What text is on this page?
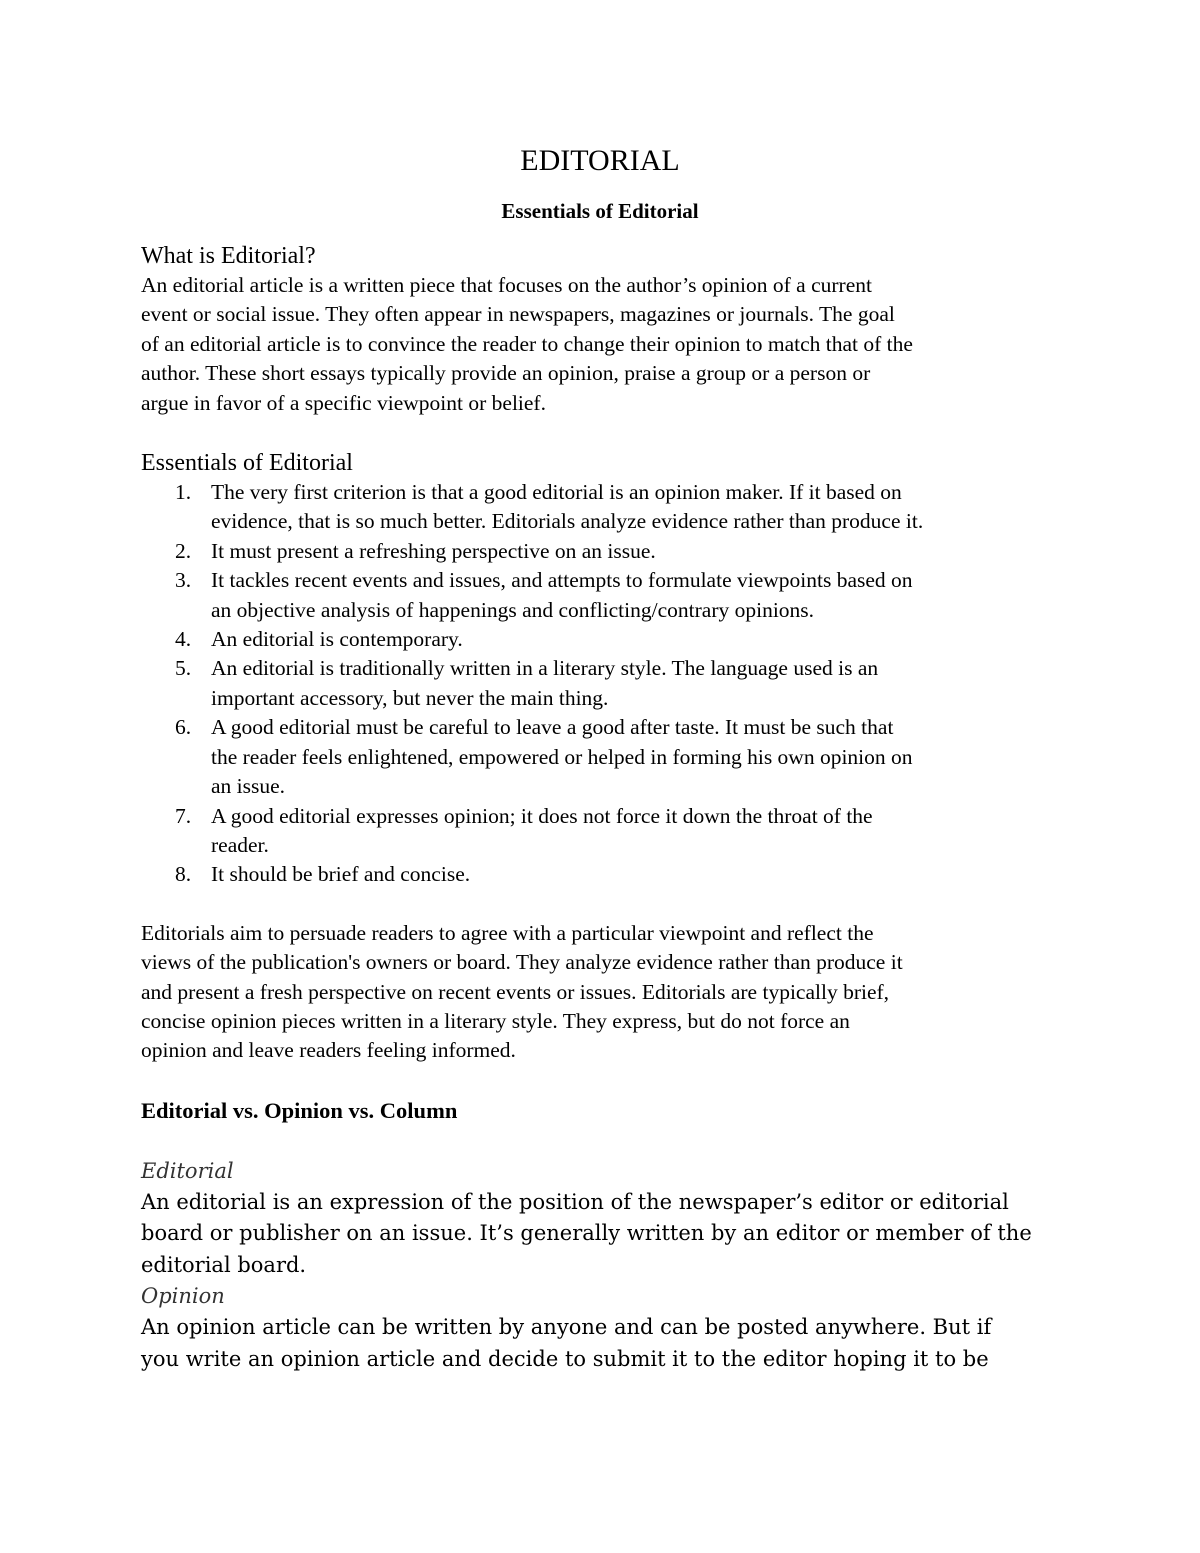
EDITORIAL
Essentials of Editorial
What is Editorial?
An editorial article is a written piece that focuses on the author’s opinion of a current
event or social issue. They often appear in newspapers, magazines or journals. The goal
of an editorial article is to convince the reader to change their opinion to match that of the
author. These short essays typically provide an opinion, praise a group or a person or
argue in favor of a specific viewpoint or belief.
Essentials of Editorial
1. The very first criterion is that a good editorial is an opinion maker. If it based on
evidence, that is so much better. Editorials analyze evidence rather than produce it.
2. It must present a refreshing perspective on an issue.
3. It tackles recent events and issues, and attempts to formulate viewpoints based on
an objective analysis of happenings and conflicting/contrary opinions.
4. An editorial is contemporary.
5. An editorial is traditionally written in a literary style. The language used is an
important accessory, but never the main thing.
6. A good editorial must be careful to leave a good after taste. It must be such that
the reader feels enlightened, empowered or helped in forming his own opinion on
an issue.
7. A good editorial expresses opinion; it does not force it down the throat of the
reader.
8. It should be brief and concise.
Editorials aim to persuade readers to agree with a particular viewpoint and reflect the
views of the publication's owners or board. They analyze evidence rather than produce it
and present a fresh perspective on recent events or issues. Editorials are typically brief,
concise opinion pieces written in a literary style. They express, but do not force an
opinion and leave readers feeling informed.
Editorial vs. Opinion vs. Column
Editorial
An editorial is an expression of the position of the newspaper’s editor or editorial
board or publisher on an issue. It’s generally written by an editor or member of the
editorial board.
Opinion
An opinion article can be written by anyone and can be posted anywhere. But if
you write an opinion article and decide to submit it to the editor hoping it to be
